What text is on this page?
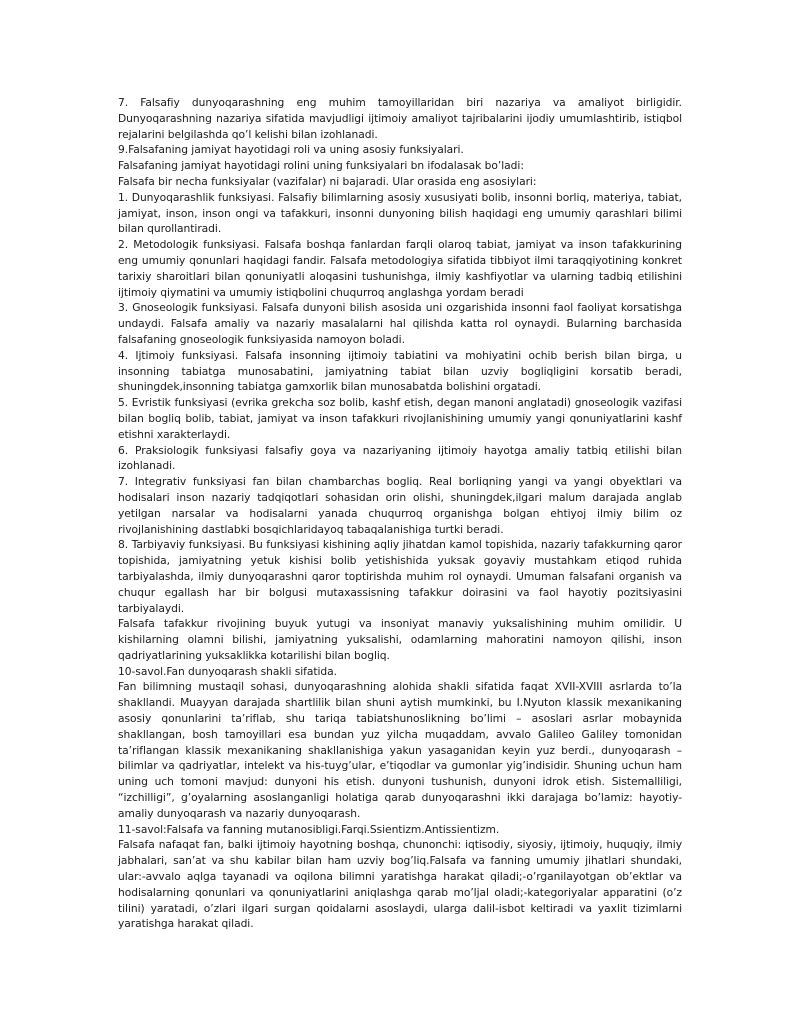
7. Falsafiy dunyoqarashning eng muhim tamoyillaridan biri nazariya va amaliyot birligidir. Dunyoqarashning nazariya sifatida mavjudligi ijtimoiy amaliyot tajribalarini ijodiy umumlashtirib, istiqbol rejalarini belgilashda qo’l kelishi bilan izohlanadi.

9.Falsafaning jamiyat hayotidagi roli va uning asosiy funksiyalari.

Falsafaning jamiyat hayotidagi rolini uning funksiyalari bn ifodalasak bo’ladi:

Falsafa bir necha funksiyalar (vazifalar) ni bajaradi. Ular orasida eng asosiylari:

1. Dunyoqarashlik funksiyasi. Falsafiy bilimlarning asosiy xususiyati bolib, insonni borliq, materiya, tabiat, jamiyat, inson, inson ongi va tafakkuri, insonni dunyoning bilish haqidagi eng umumiy qarashlari bilimi bilan qurollantiradi.

2. Metodologik funksiyasi. Falsafa boshqa fanlardan farqli olaroq tabiat, jamiyat va inson tafakkurining eng umumiy qonunlari haqidagi fandir. Falsafa metodologiya sifatida tibbiyot ilmi taraqqiyotining konkret tarixiy sharoitlari bilan qonuniyatli aloqasini tushunishga, ilmiy kashfiyotlar va ularning tadbiq etilishini ijtimoiy qiymatini va umumiy istiqbolini chuqurroq anglashga yordam beradi

3. Gnoseologik funksiyasi. Falsafa dunyoni bilish asosida uni ozgarishida insonni faol faoliyat korsatishga undaydi. Falsafa amaliy va nazariy masalalarni hal qilishda katta rol oynaydi. Bularning barchasida falsafaning gnoseologik funksiyasida namoyon boladi.

4. Ijtimoiy funksiyasi. Falsafa insonning ijtimoiy tabiatini va mohiyatini ochib berish bilan birga, u insonning tabiatga munosabatini, jamiyatning tabiat bilan uzviy bogliqligini korsatib beradi, shuningdek,insonning tabiatga gamxorlik bilan munosabatda bolishini orgatadi.

5. Evristik funksiyasi (evrika grekcha soz bolib, kashf etish, degan manoni anglatadi) gnoseologik vazifasi bilan bogliq bolib, tabiat, jamiyat va inson tafakkuri rivojlanishining umumiy yangi qonuniyatlarini kashf etishni xarakterlaydi.

6. Praksiologik funksiyasi falsafiy goya va nazariyaning ijtimoiy hayotga amaliy tatbiq etilishi bilan izohlanadi.

7. Integrativ funksiyasi fan bilan chambarchas bogliq. Real borliqning yangi va yangi obyektlari va hodisalari inson nazariy tadqiqotlari sohasidan orin olishi, shuningdek,ilgari malum darajada anglab yetilgan narsalar va hodisalarni yanada chuqurroq organishga bolgan ehtiyoj ilmiy bilim oz rivojlanishining dastlabki bosqichlaridayoq tabaqalanishiga turtki beradi.

8. Tarbiyaviy funksiyasi. Bu funksiyasi kishining aqliy jihatdan kamol topishida, nazariy tafakkurning qaror topishida, jamiyatning yetuk kishisi bolib yetishishida yuksak goyaviy mustahkam etiqod ruhida tarbiyalashda, ilmiy dunyoqarashni qaror toptirishda muhim rol oynaydi. Umuman falsafani organish va chuqur egallash har bir bolgusi mutaxassisning tafakkur doirasini va faol hayotiy pozitsiyasini tarbiyalaydi.

Falsafa tafakkur rivojining buyuk yutugi va insoniyat manaviy yuksalishining muhim omilidir. U kishilarning olamni bilishi, jamiyatning yuksalishi, odamlarning mahoratini namoyon qilishi, inson qadriyatlarining yuksaklikka kotarilishi bilan bogliq.

10-savol.Fan dunyoqarash shakli sifatida.

Fan bilimning mustaqil sohasi, dunyoqarashning alohida shakli sifatida faqat XVII-XVIII asrlarda to’la shakllandi. Muayyan darajada shartlilik bilan shuni aytish mumkinki, bu I.Nyuton klassik mexanikaning asosiy qonunlarini ta’riflab, shu tariqa tabiatshunoslikning bo’limi – asoslari asrlar mobaynida shakllangan, bosh tamoyillari esa bundan yuz yilcha muqaddam, avvalo Galileo Galiley tomonidan ta’riflangan klassik mexanikaning shakllanishiga yakun yasaganidan keyin yuz berdi., dunyoqarash – bilimlar va qadriyatlar, intelekt va his-tuyg’ular, e’tiqodlar va gumonlar yig’indisidir. Shuning uchun ham uning uch tomoni mavjud: dunyoni his etish. dunyoni tushunish, dunyoni idrok etish. Sistemalliligi, “izchilligi”, g’oyalarning asoslanganligi holatiga qarab dunyoqarashni ikki darajaga bo’lamiz: hayotiy-amaliy dunyoqarash va nazariy dunyoqarash.

11-savol:Falsafa va fanning mutanosibligi.Farqi.Ssientizm.Antissientizm.

Falsafa nafaqat fan, balki ijtimoiy hayotning boshqa, chunonchi: iqtisodiy, siyosiy, ijtimoiy, huquqiy, ilmiy jabhalari, san’at va shu kabilar bilan ham uzviy bog’liq.Falsafa va fanning umumiy jihatlari shundaki, ular:-avvalo aqlga tayanadi va oqilona bilimni yaratishga harakat qiladi;-o’rganilayotgan ob’ektlar va hodisalarning qonunlari va qonuniyatlarini aniqlashga qarab mo’ljal oladi;-kategoriyalar apparatini (o’z tilini) yaratadi, o’zlari ilgari surgan qoidalarni asoslaydi, ularga dalil-isbot keltiradi va yaxlit tizimlarni yaratishga harakat qiladi.
